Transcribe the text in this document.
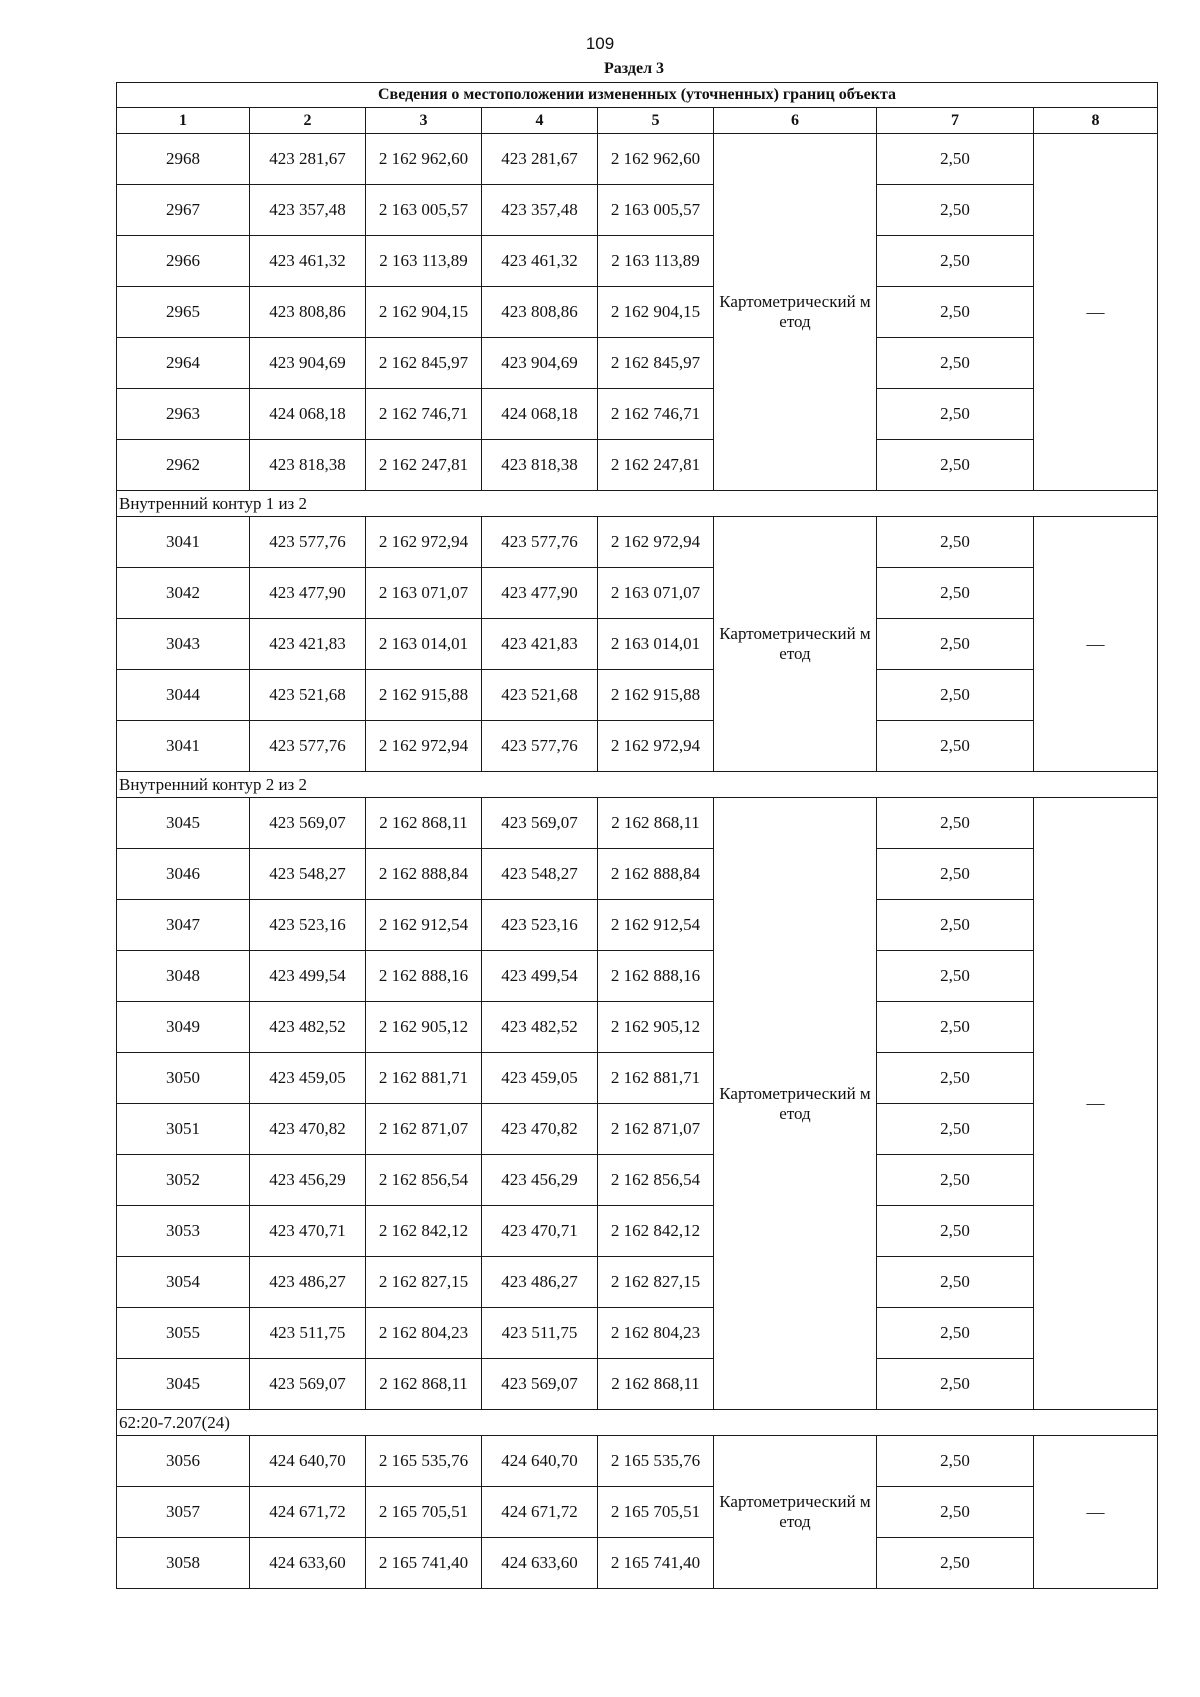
109
Раздел 3
Сведения о местоположении измененных (уточненных) границ объекта							
1	2	3	4	5	6	7	8
2968	423 281,67	2 162 962,60	423 281,67	2 162 962,60	Картометрический метод	2,50	—
2967	423 357,48	2 163 005,57	423 357,48	2 163 005,57		2,50	
2966	423 461,32	2 163 113,89	423 461,32	2 163 113,89		2,50	
2965	423 808,86	2 162 904,15	423 808,86	2 162 904,15		2,50	
2964	423 904,69	2 162 845,97	423 904,69	2 162 845,97		2,50	
2963	424 068,18	2 162 746,71	424 068,18	2 162 746,71		2,50	
2962	423 818,38	2 162 247,81	423 818,38	2 162 247,81		2,50	
Внутренний контур 1 из 2							
3041	423 577,76	2 162 972,94	423 577,76	2 162 972,94	Картометрический метод	2,50	—
3042	423 477,90	2 163 071,07	423 477,90	2 163 071,07		2,50	
3043	423 421,83	2 163 014,01	423 421,83	2 163 014,01		2,50	
3044	423 521,68	2 162 915,88	423 521,68	2 162 915,88		2,50	
3041	423 577,76	2 162 972,94	423 577,76	2 162 972,94		2,50	
Внутренний контур 2 из 2							
3045	423 569,07	2 162 868,11	423 569,07	2 162 868,11	Картометрический метод	2,50	—
3046	423 548,27	2 162 888,84	423 548,27	2 162 888,84		2,50	
3047	423 523,16	2 162 912,54	423 523,16	2 162 912,54		2,50	
3048	423 499,54	2 162 888,16	423 499,54	2 162 888,16		2,50	
3049	423 482,52	2 162 905,12	423 482,52	2 162 905,12		2,50	
3050	423 459,05	2 162 881,71	423 459,05	2 162 881,71		2,50	
3051	423 470,82	2 162 871,07	423 470,82	2 162 871,07		2,50	
3052	423 456,29	2 162 856,54	423 456,29	2 162 856,54		2,50	
3053	423 470,71	2 162 842,12	423 470,71	2 162 842,12		2,50	
3054	423 486,27	2 162 827,15	423 486,27	2 162 827,15		2,50	
3055	423 511,75	2 162 804,23	423 511,75	2 162 804,23		2,50	
3045	423 569,07	2 162 868,11	423 569,07	2 162 868,11		2,50	
62:20-7.207(24)							
3056	424 640,70	2 165 535,76	424 640,70	2 165 535,76	Картометрический метод	2,50	—
3057	424 671,72	2 165 705,51	424 671,72	2 165 705,51		2,50	
3058	424 633,60	2 165 741,40	424 633,60	2 165 741,40		2,50	
